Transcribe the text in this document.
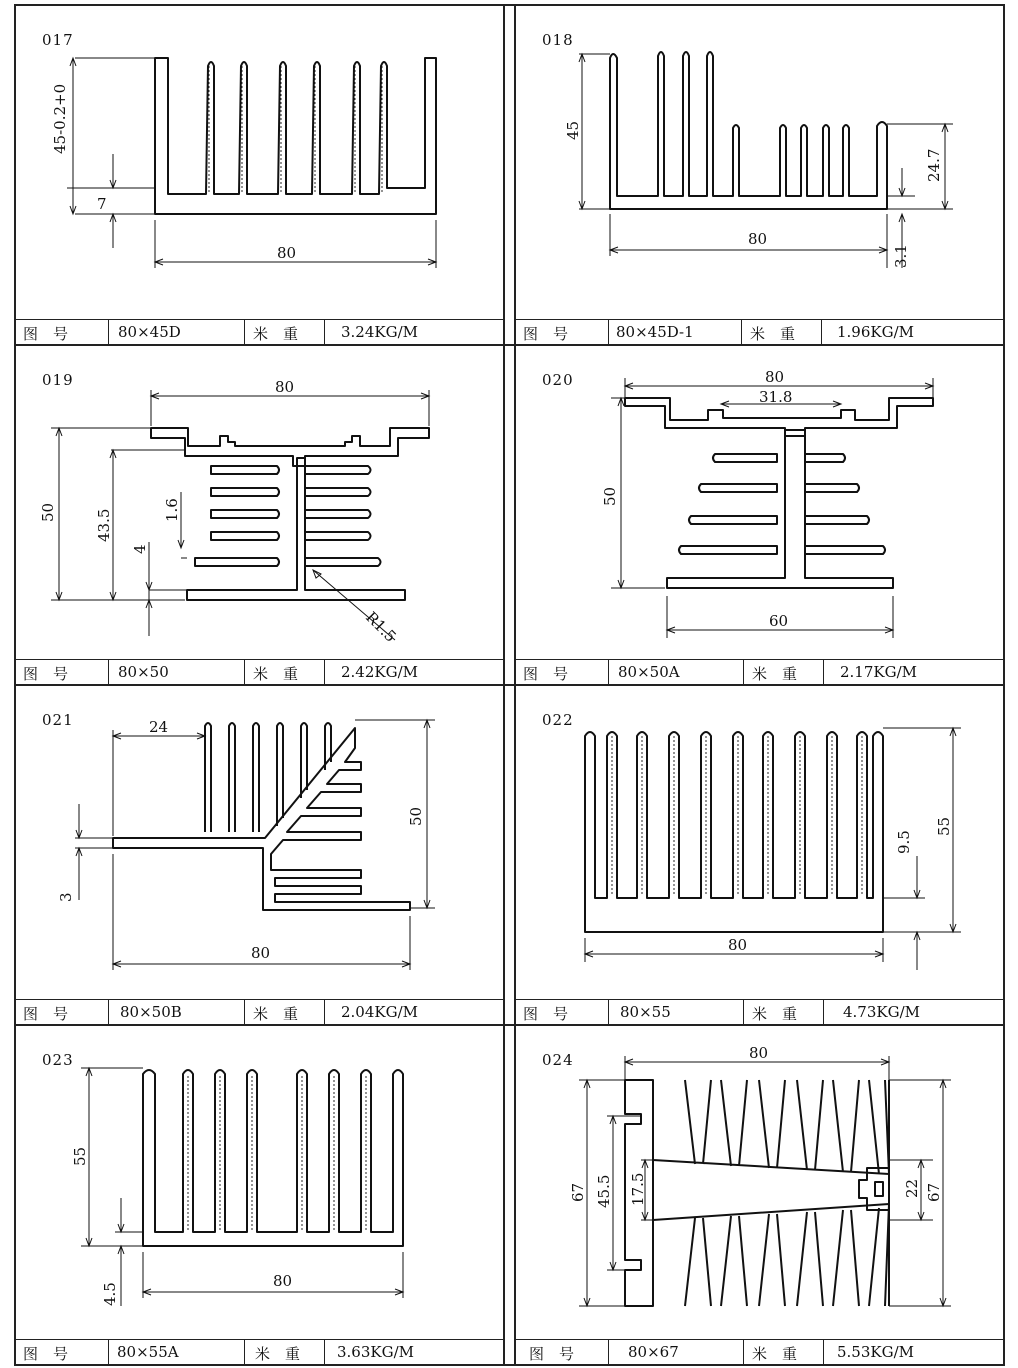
017
45-0.2+0
7
80
图　号	80×45D	米　重	3.24KG/M
018
45
24.7
80
3.1
图　号	80×45D-1	米　重	1.96KG/M
019	80
50	43.5	1.6
4
R1.5
图　号	80×50	米　重	2.42KG/M
020	80
31.8
50
60
图　号	80×50A	米　重	2.17KG/M
021	24
50
3
80
图　号	80×50B	米　重	2.04KG/M
022
55
9.5
80
图　号	80×55	米　重	4.73KG/M
023
55
4.5
80
图　号	80×55A	米　重 3.63KG/M
024	80
67 45.5 17.5	22 67
图　号	80×67	米　重	5.53KG/M
